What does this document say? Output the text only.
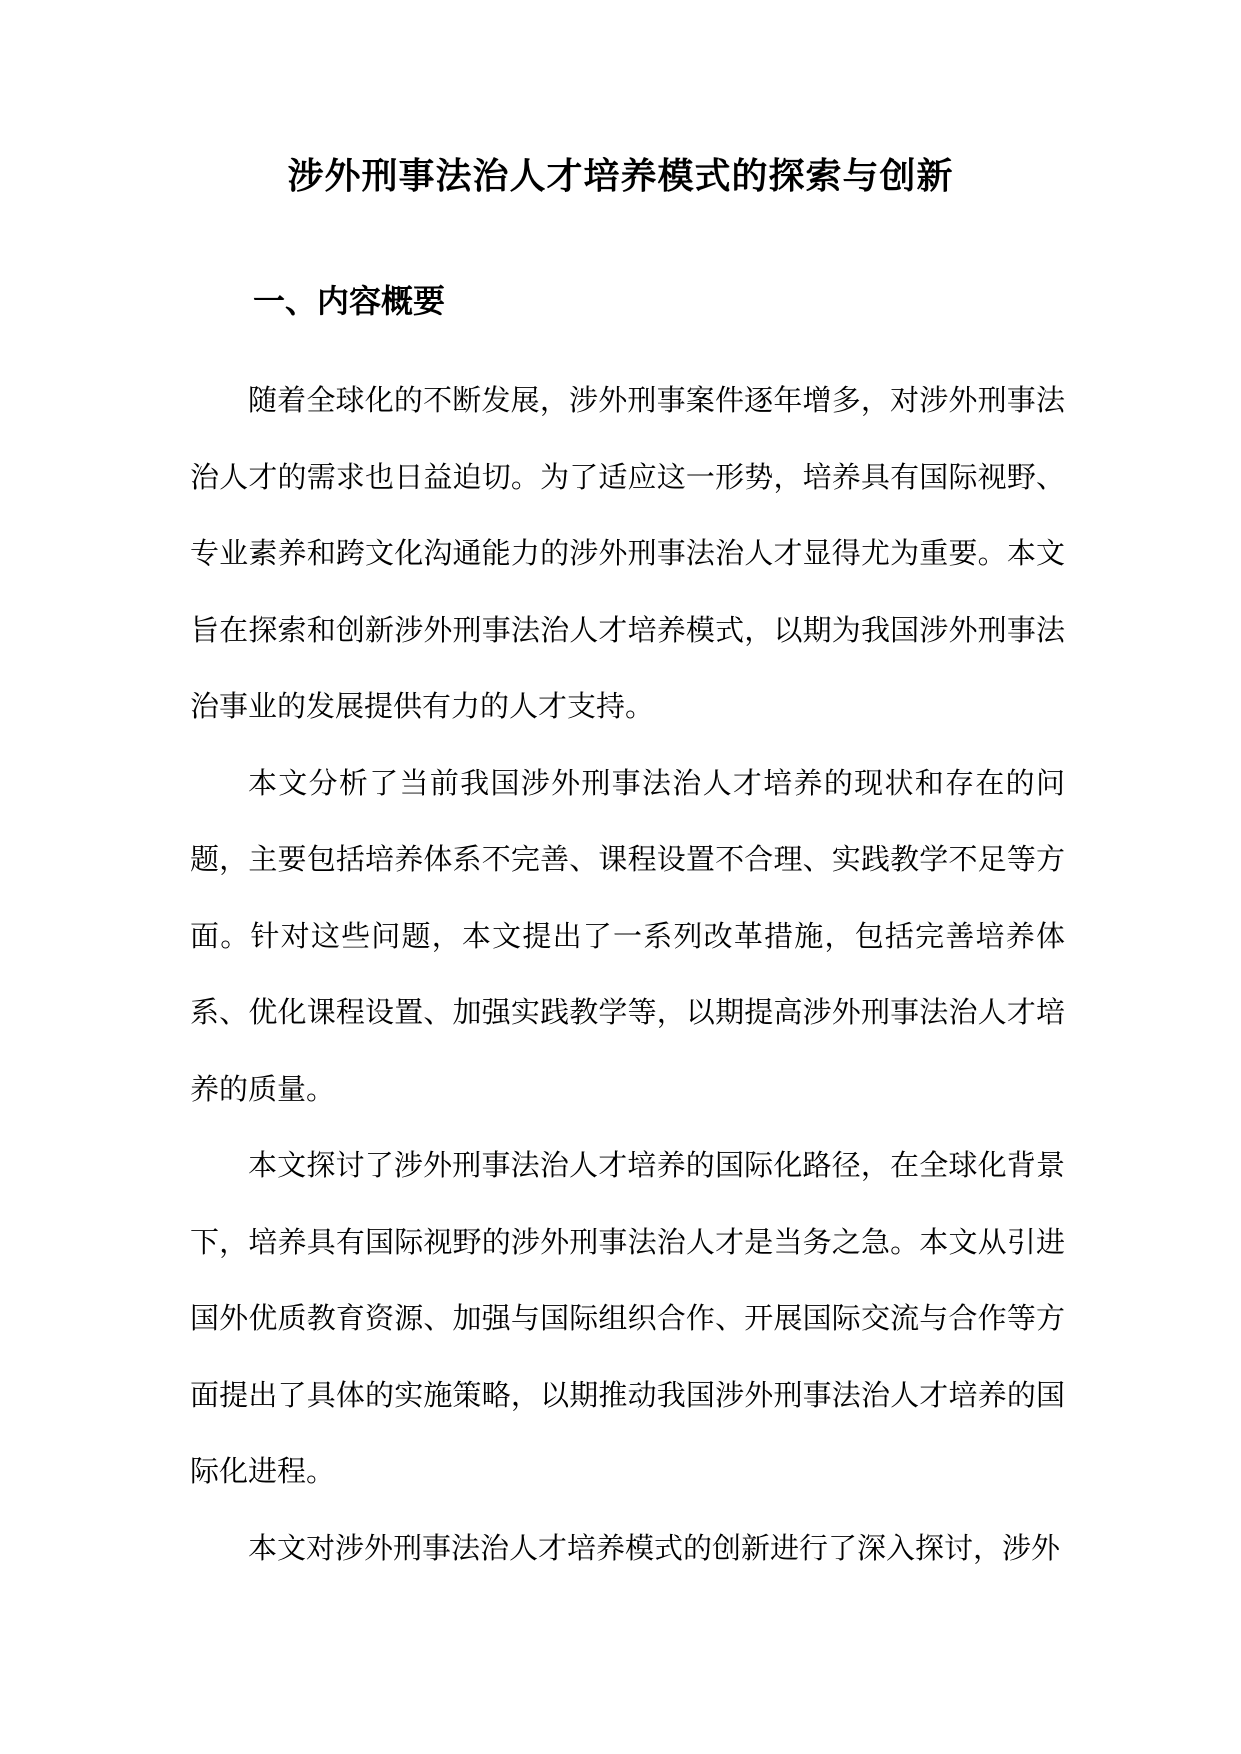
涉外刑事法治人才培养模式的探索与创新
一、内容概要

随着全球化的不断发展，涉外刑事案件逐年增多，对涉外刑事法治人才的需求也日益迫切。为了适应这一形势，培养具有国际视野、专业素养和跨文化沟通能力的涉外刑事法治人才显得尤为重要。本文旨在探索和创新涉外刑事法治人才培养模式，以期为我国涉外刑事法治事业的发展提供有力的人才支持。

本文分析了当前我国涉外刑事法治人才培养的现状和存在的问题，主要包括培养体系不完善、课程设置不合理、实践教学不足等方面。针对这些问题，本文提出了一系列改革措施，包括完善培养体系、优化课程设置、加强实践教学等，以期提高涉外刑事法治人才培养的质量。

本文探讨了涉外刑事法治人才培养的国际化路径，在全球化背景下，培养具有国际视野的涉外刑事法治人才是当务之急。本文从引进国外优质教育资源、加强与国际组织合作、开展国际交流与合作等方面提出了具体的实施策略，以期推动我国涉外刑事法治人才培养的国际化进程。

本文对涉外刑事法治人才培养模式的创新进行了深入探讨，涉外
